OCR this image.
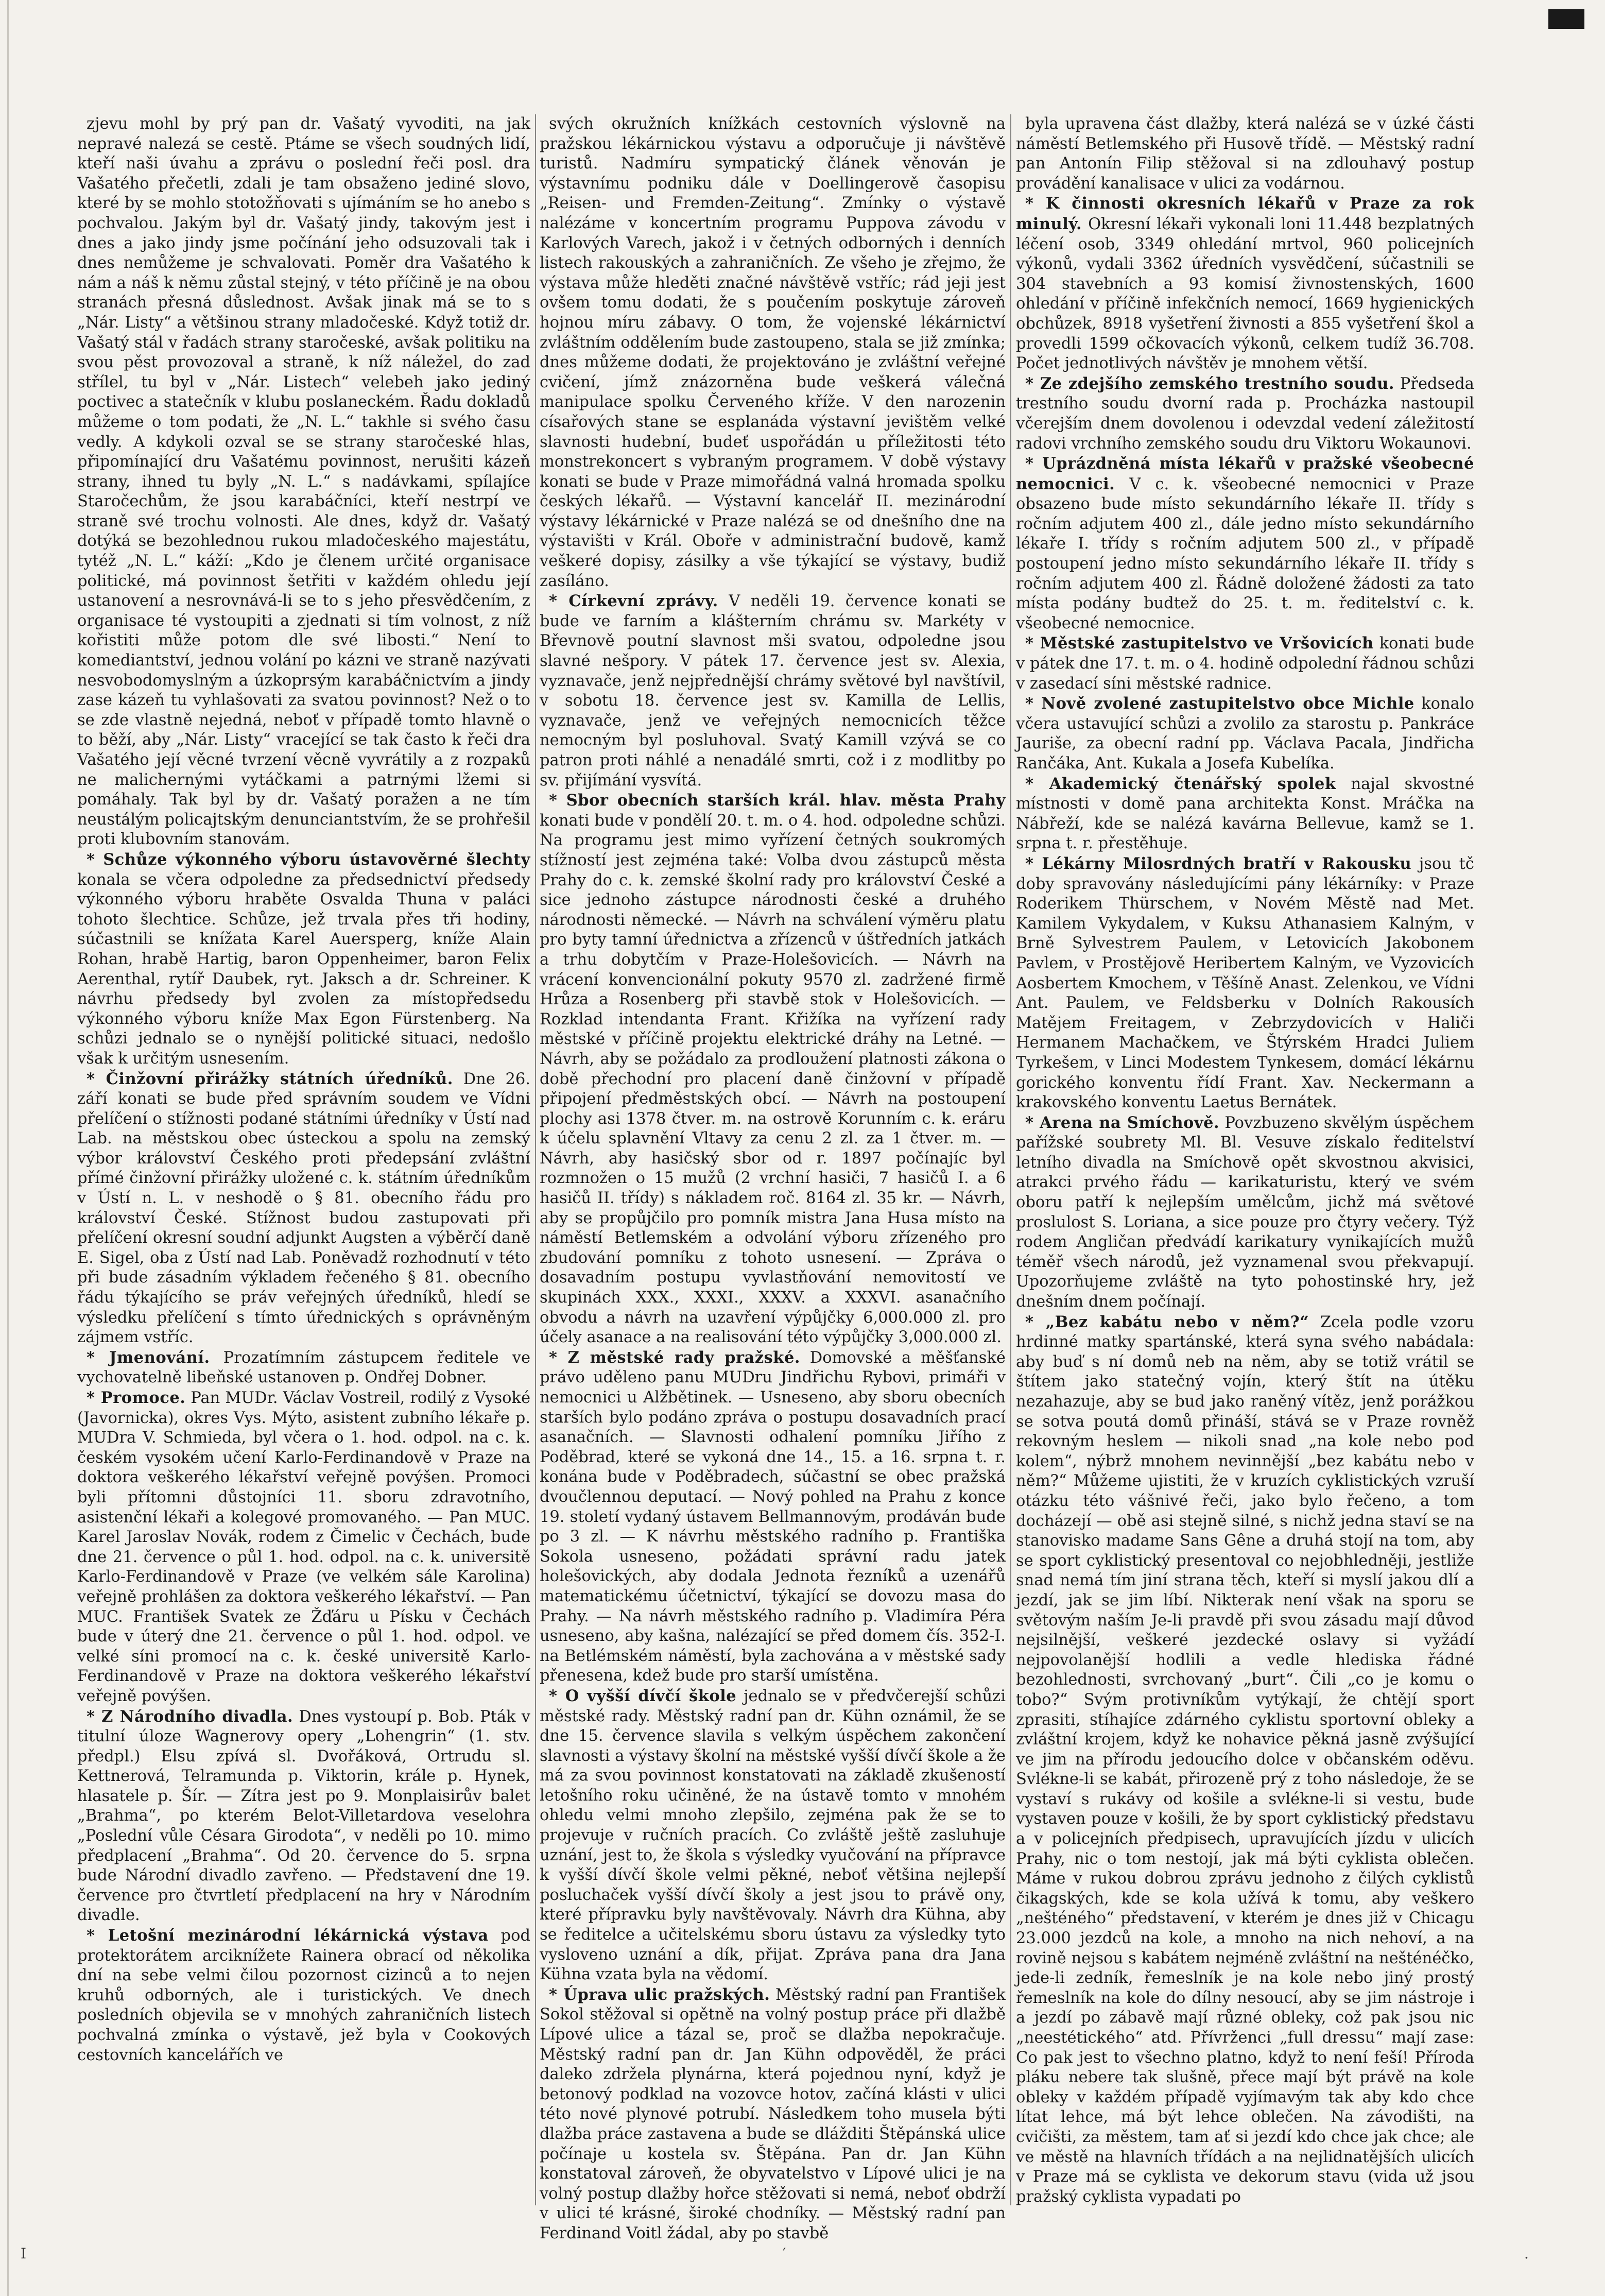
zjevu mohl by prý pan dr. Vašatý vyvoditi, na jak nepravé nalezá se cestě. Ptáme se všech soudných lidí, kteří naši úvahu a zprávu o poslední řeči posl. dra Vašatého přečetli, zdali je tam obsaženo jediné slovo, které by se mohlo stotožňovati s ujímáním se ho anebo s pochvalou. Jakým byl dr. Vašatý jindy, takovým jest i dnes a jako jindy jsme počínání jeho odsuzovali tak i dnes nemůžeme je schvalovati. Poměr dra Vašatého k nám a náš k němu zůstal stejný, v této příčině je na obou stranách přesná důslednost. Avšak jinak má se to s „Nár. Listy“ a většinou strany mladočeské. Když totiž dr. Vašatý stál v řadách strany staročeské, avšak politiku na svou pěst provozoval a straně, k níž náležel, do zad střílel, tu byl v „Nár. Listech“ velebeh jako jediný poctivec a statečník v klubu poslaneckém. Řadu dokladů můžeme o tom podati, že „N. L.“ takhle si svého času vedly. A kdykoli ozval se se strany staročeské hlas, připomínající dru Vašatému povinnost, nerušiti kázeň strany, ihned tu byly „N. L.“ s nadávkami, spílajíce Staročechům, že jsou karabáčníci, kteří nestrpí ve straně své trochu volnosti. Ale dnes, když dr. Vašatý dotýká se bezohlednou rukou mladočeského majestátu, tytéž „N. L.“ káží: „Kdo je členem určité organisace politické, má povinnost šetřiti v každém ohledu její ustanovení a nesrovnává-li se to s jeho přesvědčením, z organisace té vystoupiti a zjednati si tím volnost, z níž kořistiti může potom dle své libosti.“ Není to komediantství, jednou volání po kázni ve straně nazývati nesvobodomyslným a úzkoprsým karabáčnictvím a jindy zase kázeň tu vyhlašovati za svatou povinnost? Než o to se zde vlastně nejedná, neboť v případě tomto hlavně o to běží, aby „Nár. Listy“ vracející se tak často k řeči dra Vašatého její věcné tvrzení věcně vyvrátily a z rozpaků ne malichernými vytáčkami a patrnými lžemi si pomáhaly. Tak byl by dr. Vašatý poražen a ne tím neustálým policajtským denunciantstvím, že se prohřešil proti klubovním stanovám.

* Schůze výkonného výboru ústavověrné šlechty konala se včera odpoledne za předsednictví předsedy výkonného výboru hraběte Osvalda Thuna v paláci tohoto šlechtice. Schůze, jež trvala přes tři hodiny, súčastnili se knížata Karel Auersperg, kníže Alain Rohan, hrabě Hartig, baron Oppenheimer, baron Felix Aerenthal, rytíř Daubek, ryt. Jaksch a dr. Schreiner. K návrhu předsedy byl zvolen za místopředsedu výkonného výboru kníže Max Egon Fürstenberg. Na schůzi jednalo se o nynější politické situaci, nedošlo však k určitým usnesením.

* Činžovní přirážky státních úředníků. Dne 26. září konati se bude před správním soudem ve Vídni přelíčení o stížnosti podané státními úředníky v Ústí nad Lab. na městskou obec ústeckou a spolu na zemský výbor království Českého proti předepsání zvláštní přímé činžovní přirážky uložené c. k. státním úředníkům v Ústí n. L. v neshodě o § 81. obecního řádu pro království České. Stížnost budou zastupovati při přelíčení okresní soudní adjunkt Augsten a výběrčí daně E. Sigel, oba z Ústí nad Lab. Poněvadž rozhodnutí v této při bude zásadním výkladem řečeného § 81. obecního řádu týkajícího se práv veřejných úředníků, hledí se výsledku přelíčení s tímto úřednických s oprávněným zájmem vstříc.

* Jmenování. Prozatímním zástupcem ředitele ve vychovatelně libeňské ustanoven p. Ondřej Dobner.

* Promoce. Pan MUDr. Václav Vostreil, rodilý z Vysoké (Javornicka), okres Vys. Mýto, asistent zubního lékaře p. MUDra V. Schmieda, byl včera o 1. hod. odpol. na c. k. českém vysokém učení Karlo-Ferdinandově v Praze na doktora veškerého lékařství veřejně povýšen. Promoci byli přítomni důstojníci 11. sboru zdravotního, asistenční lékaři a kolegové promovaného. — Pan MUC. Karel Jaroslav Novák, rodem z Čimelic v Čechách, bude dne 21. července o půl 1. hod. odpol. na c. k. universitě Karlo-Ferdinandově v Praze (ve velkém sále Karolina) veřejně prohlášen za doktora veškerého lékařství. — Pan MUC. František Svatek ze Žďáru u Písku v Čechách bude v úterý dne 21. července o půl 1. hod. odpol. ve velké síni promocí na c. k. české universitě Karlo-Ferdinandově v Praze na doktora veškerého lékařství veřejně povýšen.

* Z Národního divadla. Dnes vystoupí p. Bob. Pták v titulní úloze Wagnerovy opery „Lohengrin“ (1. stv. předpl.) Elsu zpívá sl. Dvořáková, Ortrudu sl. Kettnerová, Telramunda p. Viktorin, krále p. Hynek, hlasatele p. Šír. — Zítra jest po 9. Monplaisirův balet „Brahma“, po kterém Belot-Villetardova veselohra „Poslední vůle Césara Girodota“, v neděli po 10. mimo předplacení „Brahma“. Od 20. července do 5. srpna bude Národní divadlo zavřeno. — Představení dne 19. července pro čtvrtletí předplacení na hry v Národním divadle.

* Letošní mezinárodní lékárnická výstava pod protektorátem arciknížete Rainera obrací od několika dní na sebe velmi čilou pozornost cizinců a to nejen kruhů odborných, ale i turistických. Ve dnech posledních objevila se v mnohých zahraničních listech pochvalná zmínka o výstavě, jež byla v Cookových cestovních kancelářích ve

svých okružních knížkách cestovních výslovně na pražskou lékárnickou výstavu a odporučuje ji návštěvě turistů. Nadmíru sympatický článek věnován je výstavnímu podniku dále v Doellingerově časopisu „Reisen- und Fremden-Zeitung“. Zmínky o výstavě nalézáme v koncertním programu Puppova závodu v Karlových Varech, jakož i v četných odborných i denních listech rakouských a zahraničních. Ze všeho je zřejmo, že výstava může hleděti značné návštěvě vstříc; rád jeji jest ovšem tomu dodati, že s poučením poskytuje zároveň hojnou míru zábavy. O tom, že vojenské lékárnictví zvláštním oddělením bude zastoupeno, stala se již zmínka; dnes můžeme dodati, že projektováno je zvláštní veřejné cvičení, jímž znázorněna bude veškerá válečná manipulace spolku Červeného kříže. V den narozenin císařových stane se esplanáda výstavní jevištěm velké slavnosti hudební, budeť uspořádán u příležitosti této monstrekoncert s vybraným programem. V době výstavy konati se bude v Praze mimořádná valná hromada spolku českých lékařů. — Výstavní kancelář II. mezinárodní výstavy lékárnické v Praze nalézá se od dnešního dne na výstavišti v Král. Oboře v administrační budově, kamž veškeré dopisy, zásilky a vše týkající se výstavy, budiž zasíláno.

* Církevní zprávy. V neděli 19. července konati se bude ve farním a klášterním chrámu sv. Markéty v Břevnově poutní slavnost mši svatou, odpoledne jsou slavné nešpory. V pátek 17. července jest sv. Alexia, vyznavače, jenž nejpřednější chrámy světové byl navštívil, v sobotu 18. července jest sv. Kamilla de Lellis, vyznavače, jenž ve veřejných nemocnicích těžce nemocným byl posluhoval. Svatý Kamill vzývá se co patron proti náhlé a nenadálé smrti, což i z modlitby po sv. přijímání vysvítá.

* Sbor obecních starších král. hlav. města Prahy konati bude v pondělí 20. t. m. o 4. hod. odpoledne schůzi. Na programu jest mimo vyřízení četných soukromých stížností jest zejména také: Volba dvou zástupců města Prahy do c. k. zemské školní rady pro království České a sice jednoho zástupce národnosti české a druhého národnosti německé. — Návrh na schválení výměru platu pro byty tamní úřednictva a zřízenců v úštředních jatkách a trhu dobytčím v Praze-Holešovicích. — Návrh na vrácení konvencionální pokuty 9570 zl. zadržené firmě Hrůza a Rosenberg při stavbě stok v Holešovicích. — Rozklad intendanta Frant. Křižíka na vyřízení rady městské v příčině projektu elektrické dráhy na Letné. — Návrh, aby se požádalo za prodloužení platnosti zákona o době přechodní pro placení daně činžovní v případě připojení předměstských obcí. — Návrh na postoupení plochy asi 1378 čtver. m. na ostrově Korunním c. k. eráru k účelu splavnění Vltavy za cenu 2 zl. za 1 čtver. m. — Návrh, aby hasičský sbor od r. 1897 počínajíc byl rozmnožen o 15 mužů (2 vrchní hasiči, 7 hasičů I. a 6 hasičů II. třídy) s nákladem roč. 8164 zl. 35 kr. — Návrh, aby se propůjčilo pro pomník mistra Jana Husa místo na náměstí Betlemském a odvolání výboru zřízeného pro zbudování pomníku z tohoto usnesení. — Zpráva o dosavadním postupu vyvlastňování nemovitostí ve skupinách XXX., XXXI., XXXV. a XXXVI. asanačního obvodu a návrh na uzavření výpůjčky 6,000.000 zl. pro účely asanace a na realisování této výpůjčky 3,000.000 zl.

* Z městské rady pražské. Domovské a měšťanské právo uděleno panu MUDru Jindřichu Rybovi, primáři v nemocnici u Alžbětinek. — Usneseno, aby sboru obecních starších bylo podáno zpráva o postupu dosavadních prací asanačních. — Slavnosti odhalení pomníku Jiřího z Poděbrad, které se vykoná dne 14., 15. a 16. srpna t. r. konána bude v Poděbradech, súčastní se obec pražská dvoučlennou deputací. — Nový pohled na Prahu z konce 19. století vydaný ústavem Bellmannovým, prodáván bude po 3 zl. — K návrhu městského radního p. Františka Sokola usneseno, požádati správní radu jatek holešovických, aby dodala Jednota řezníků a uzenářů matematickému účetnictví, týkající se dovozu masa do Prahy. — Na návrh městského radního p. Vladimíra Péra usneseno, aby kašna, nalézající se před domem čís. 352-I. na Betlémském náměstí, byla zachována a v městské sady přenesena, kdež bude pro starší umístěna.

* O vyšší dívčí škole jednalo se v předvčerejší schůzi městské rady. Městský radní pan dr. Kühn oznámil, že se dne 15. července slavila s velkým úspěchem zakončení slavnosti a výstavy školní na městské vyšší dívčí škole a že má za svou povinnost konstatovati na základě zkušeností letošního roku učiněné, že na ústavě tomto v mnohém ohledu velmi mnoho zlepšilo, zejména pak že se to projevuje v ručních pracích. Co zvláště ještě zasluhuje uznání, jest to, že škola s výsledky vyučování na přípravce k vyšší dívčí škole velmi pěkné, neboť většina nejlepší posluchaček vyšší dívčí školy a jest jsou to právě ony, které přípravku byly navštěvovaly. Návrh dra Kühna, aby se ředitelce a učitelskému sboru ústavu za výsledky tyto vysloveno uznání a dík, přijat. Zpráva pana dra Jana Kühna vzata byla na vědomí.

* Úprava ulic pražských. Městský radní pan František Sokol stěžoval si opětně na volný postup práce při dlažbě Lípové ulice a tázal se, proč se dlažba nepokračuje. Městský radní pan dr. Jan Kühn odpověděl, že práci daleko zdržela plynárna, která pojednou nyní, když je betonový podklad na vozovce hotov, začíná klásti v ulici této nové plynové potrubí. Následkem toho musela býti dlažba práce zastavena a bude se dlážditi Štěpánská ulice počínaje u kostela sv. Štěpána. Pan dr. Jan Kühn konstatoval zároveň, že obyvatelstvo v Lípové ulici je na volný postup dlažby hořce stěžovati si nemá, neboť obdrží v ulici té krásné, široké chodníky. — Městský radní pan Ferdinand Voitl žádal, aby po stavbě

byla upravena část dlažby, která nalézá se v úzké části náměstí Betlemského při Husově třídě. — Městský radní pan Antonín Filip stěžoval si na zdlouhavý postup provádění kanalisace v ulici za vodárnou.

* K činnosti okresních lékařů v Praze za rok minulý. Okresní lékaři vykonali loni 11.448 bezplatných léčení osob, 3349 ohledání mrtvol, 960 policejních výkonů, vydali 3362 úředních vysvědčení, súčastnili se 304 stavebních a 93 komisí živnostenských, 1600 ohledání v příčině infekčních nemocí, 1669 hygienických obchůzek, 8918 vyšetření živnosti a 855 vyšetření škol a provedli 1599 očkovacích výkonů, celkem tudíž 36.708. Počet jednotlivých návštěv je mnohem větší.

* Ze zdejšího zemského trestního soudu. Předseda trestního soudu dvorní rada p. Procházka nastoupil včerejším dnem dovolenou i odevzdal vedení záležitostí radovi vrchního zemského soudu dru Viktoru Wokaunovi.

* Uprázdněná místa lékařů v pražské všeobecné nemocnici. V c. k. všeobecné nemocnici v Praze obsazeno bude místo sekundárního lékaře II. třídy s ročním adjutem 400 zl., dále jedno místo sekundárního lékaře I. třídy s ročním adjutem 500 zl., v případě postoupení jedno místo sekundárního lékaře II. třídy s ročním adjutem 400 zl. Řádně doložené žádosti za tato místa podány budtež do 25. t. m. ředitelství c. k. všeobecné nemocnice.

* Městské zastupitelstvo ve Vršovicích konati bude v pátek dne 17. t. m. o 4. hodině odpolední řádnou schůzi v zasedací síni městské radnice.

* Nově zvolené zastupitelstvo obce Michle konalo včera ustavující schůzi a zvolilo za starostu p. Pankráce Jauriše, za obecní radní pp. Václava Pacala, Jindřicha Rančáka, Ant. Kukala a Josefa Kubelíka.

* Akademický čtenářský spolek najal skvostné místnosti v domě pana architekta Konst. Mráčka na Nábřeží, kde se nalézá kavárna Bellevue, kamž se 1. srpna t. r. přestěhuje.

* Lékárny Milosrdných bratří v Rakousku jsou tč doby spravovány následujícími pány lékárníky: v Praze Roderikem Thürschem, v Novém Městě nad Met. Kamilem Vykydalem, v Kuksu Athanasiem Kalným, v Brně Sylvestrem Paulem, v Letovicích Jakobonem Pavlem, v Prostějově Heribertem Kalným, ve Vyzovicích Aosbertem Kmochem, v Těšíně Anast. Zelenkou, ve Vídni Ant. Paulem, ve Feldsberku v Dolních Rakousích Matějem Freitagem, v Zebrzydovicích v Haliči Hermanem Machačkem, ve Štýrském Hradci Juliem Tyrkešem, v Linci Modestem Tynkesem, domácí lékárnu gorického konventu řídí Frant. Xav. Neckermann a krakovského konventu Laetus Bernátek.

* Arena na Smíchově. Povzbuzeno skvělým úspěchem pařížské soubrety Ml. Bl. Vesuve získalo ředitelství letního divadla na Smíchově opět skvostnou akvisici, atrakci prvého řádu — karikaturistu, který ve svém oboru patří k nejlepším umělcům, jichž má světové proslulost S. Loriana, a sice pouze pro čtyry večery. Týž rodem Angličan předvádí karikatury vynikajících mužů téměř všech národů, jež vyznamenal svou překvapují. Upozorňujeme zvláště na tyto pohostinské hry, jež dnešním dnem počínají.

* „Bez kabátu nebo v něm?“ Zcela podle vzoru hrdinné matky spartánské, která syna svého nabádala: aby buď s ní domů neb na něm, aby se totiž vrátil se štítem jako statečný vojín, který štít na útěku nezahazuje, aby se bud jako raněný vítěz, jenž porážkou se sotva poutá domů přináší, stává se v Praze rovněž rekovným heslem — nikoli snad „na kole nebo pod kolem“, nýbrž mnohem nevinnější „bez kabátu nebo v něm?“ Můžeme ujistiti, že v kruzích cyklistických vzruší otázku této vášnivé řeči, jako bylo řečeno, a tom docházejí — obě asi stejně silné, s nichž jedna staví se na stanovisko madame Sans Gêne a druhá stojí na tom, aby se sport cyklistický presentoval co nejobhledněji, jestliže snad nemá tím jiní strana těch, kteří si myslí jakou dlí a jezdí, jak se jim líbí. Nikterak není však na sporu se světovým naším Je-li pravdě při svou zásadu mají důvod nejsilnější, veškeré jezdecké oslavy si vyžádí nejpovolanější hodlili a vedle hlediska řádné bezohlednosti, svrchovaný „burt“. Čili „co je komu o tobo?“ Svým protivníkům vytýkají, že chtějí sport zprasiti, stíhajíce zdárného cyklistu sportovní obleky a zvláštní krojem, když ke nohavice pěkná jasně zvýšující ve jim na přírodu jedoucího dolce v občanském oděvu. Svlékne-li se kabát, přirozeně prý z toho následoje, že se vystaví s rukávy od košile a svlékne-li si vestu, bude vystaven pouze v košili, že by sport cyklistický představu a v policejních předpisech, upravujících jízdu v ulicích Prahy, nic o tom nestojí, jak má býti cyklista oblečen. Máme v rukou dobrou zprávu jednoho z čilých cyklistů čikagských, kde se kola užívá k tomu, aby veškero „nešténého“ představení, v kterém je dnes již v Chicagu 23.000 jezdců na kole, a mnoho na nich nehoví, a na rovině nejsou s kabátem nejméně zvláštní na nešténéčko, jede-li zedník, řemeslník je na kole nebo jiný prostý řemeslník na kole do dílny nesoucí, aby se jim nástroje i a jezdí po zábavě mají různé obleky, což pak jsou nic „neestétického“ atd. Přívrženci „full dressu“ mají zase: Co pak jest to všechno platno, když to není feší! Příroda pláku nebere tak slušně, přece mají být právě na kole obleky v každém případě vyjímavým tak aby kdo chce lítat lehce, má být lehce oblečen. Na závodišti, na cvičišti, za městem, tam ať si jezdí kdo chce jak chce; ale ve městě na hlavních třídách a na nejlidnatějších ulicích v Praze má se cyklista ve dekorum stavu (vida už jsou pražský cyklista vypadati po

I	′	.
